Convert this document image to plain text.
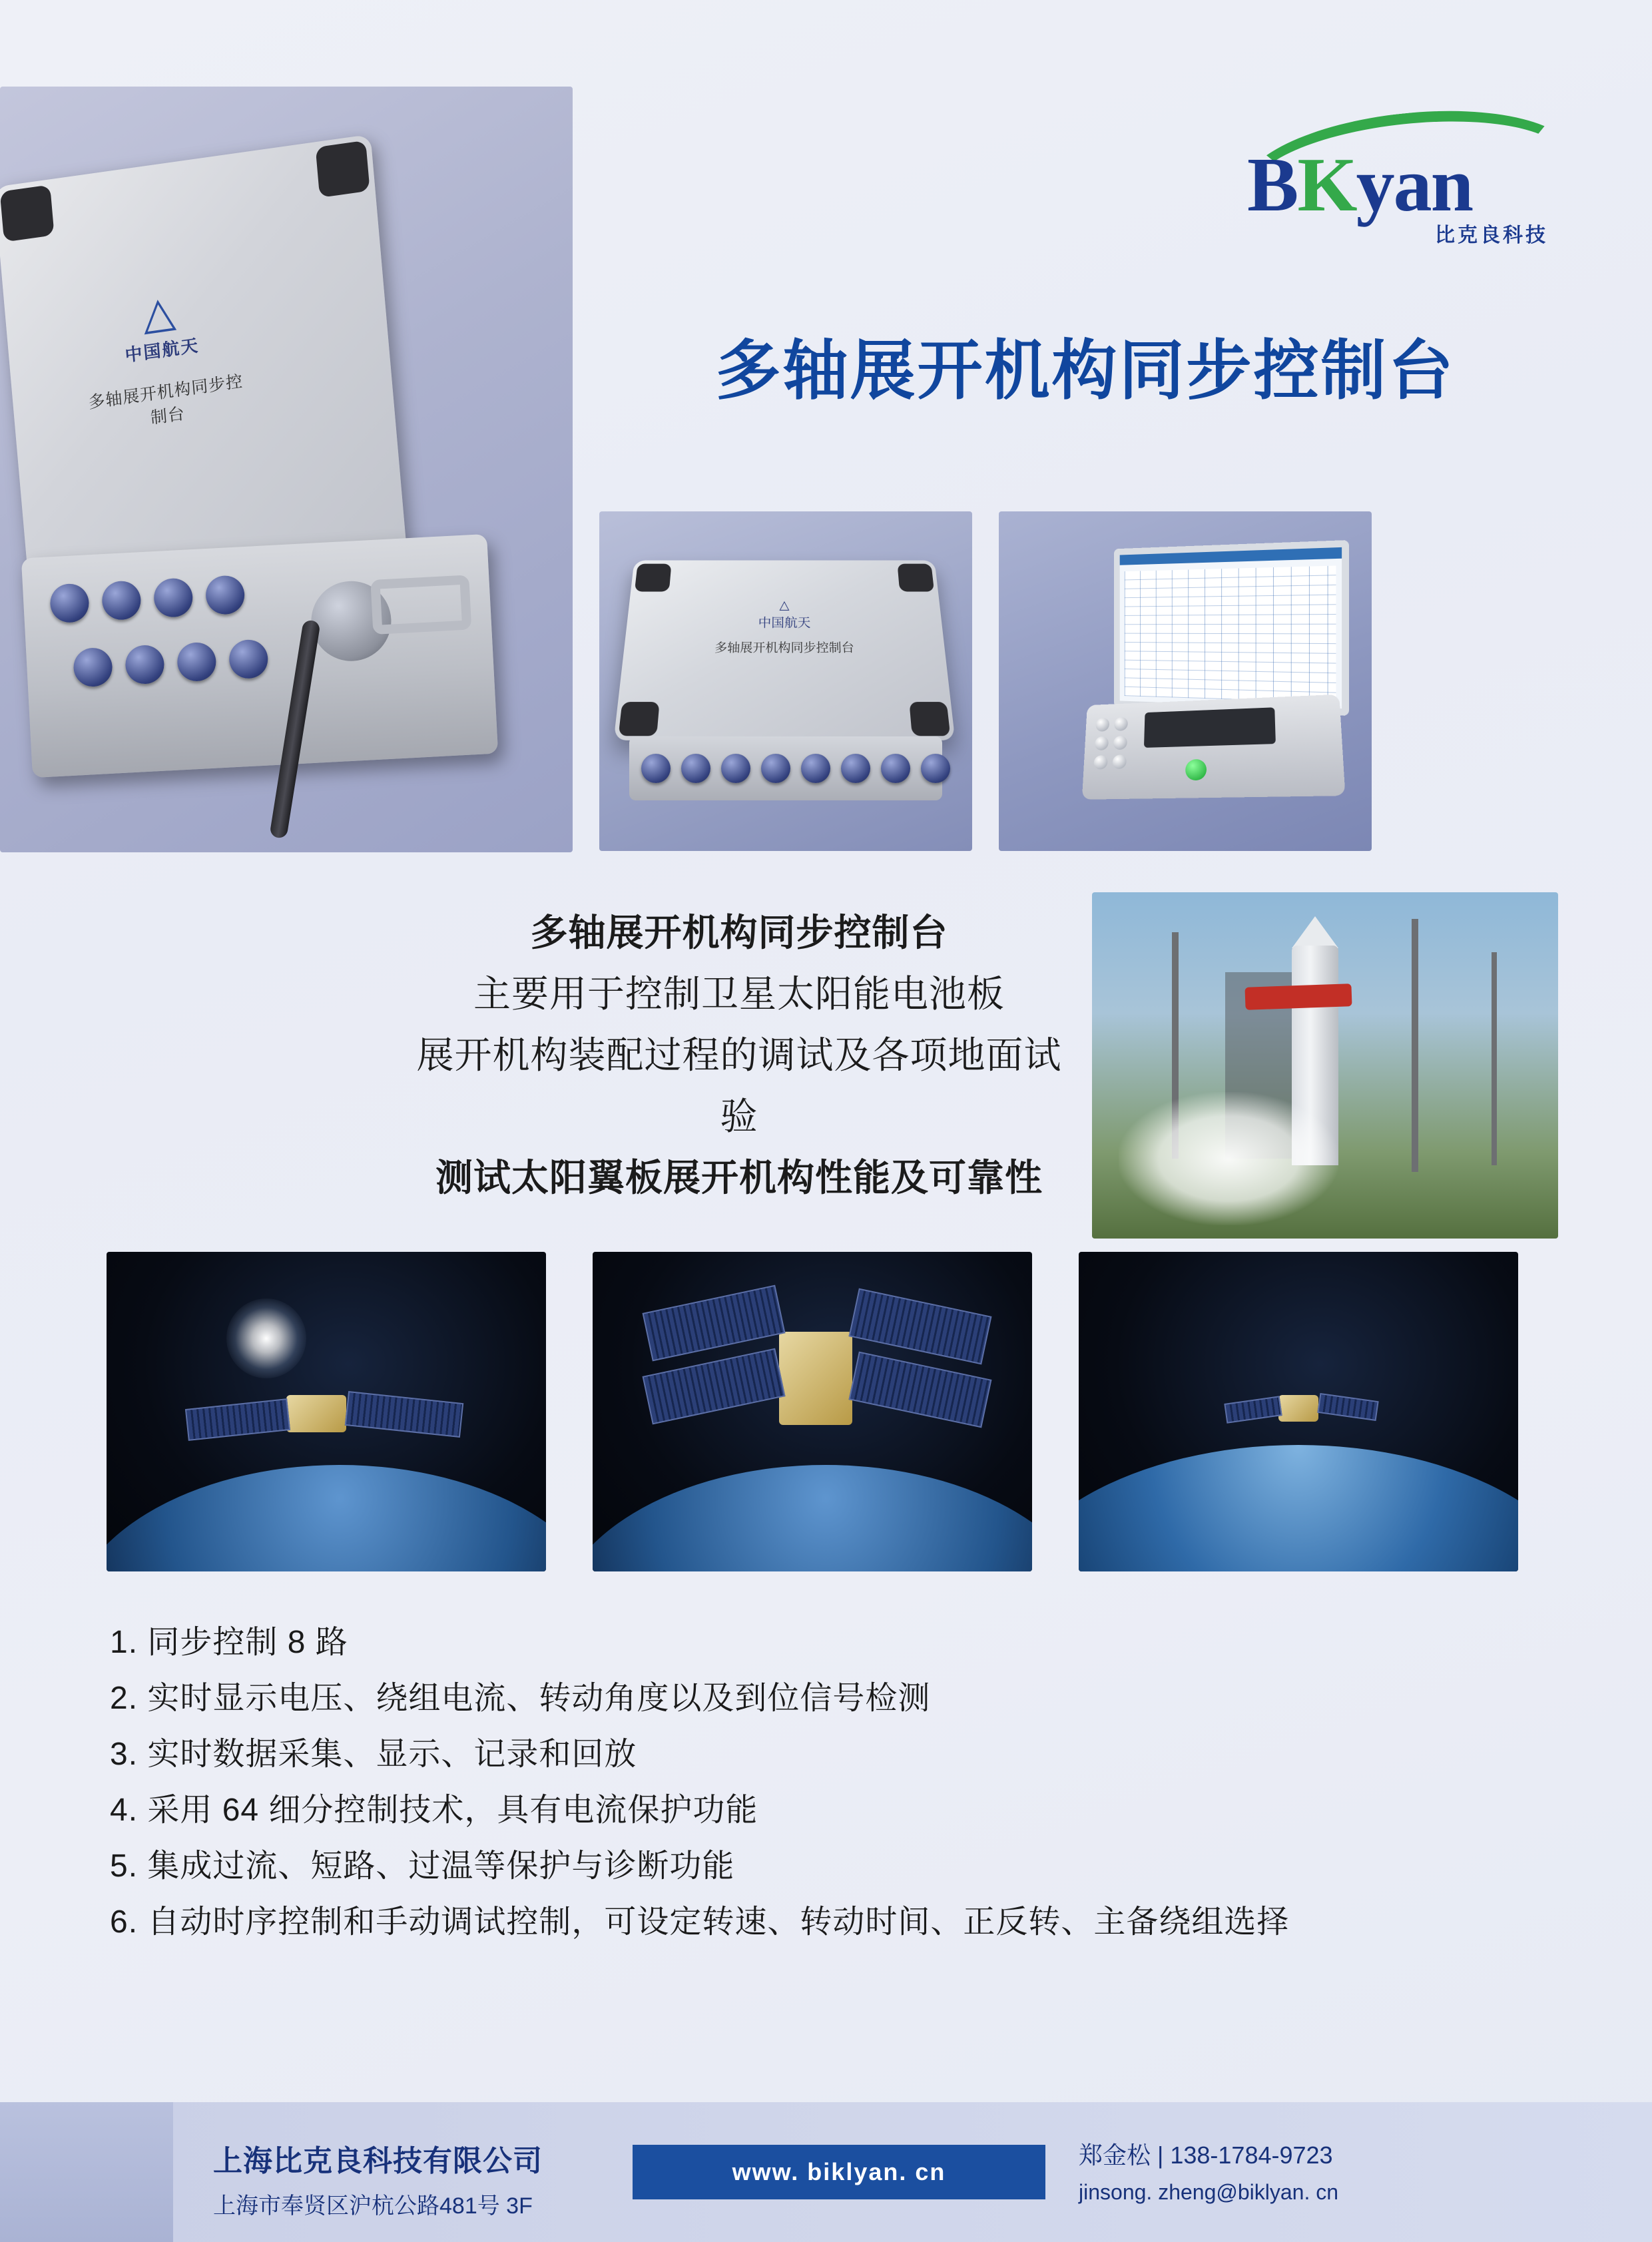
BKyan
比克良科技
多轴展开机构同步控制台
△
中国航天
多轴展开机构同步控制台
△
中国航天
多轴展开机构同步控制台
多轴展开机构同步控制台
主要用于控制卫星太阳能电池板
展开机构装配过程的调试及各项地面试验
测试太阳翼板展开机构性能及可靠性
1. 同步控制 8 路
2. 实时显示电压、绕组电流、转动角度以及到位信号检测
3. 实时数据采集、显示、记录和回放
4. 采用 64 细分控制技术，具有电流保护功能
5. 集成过流、短路、过温等保护与诊断功能
6. 自动时序控制和手动调试控制，可设定转速、转动时间、正反转、主备绕组选择
上海比克良科技有限公司
上海市奉贤区沪杭公路481号 3F
www. biklyan. cn
郑金松 | 138-1784-9723
jinsong. zheng@biklyan. cn
